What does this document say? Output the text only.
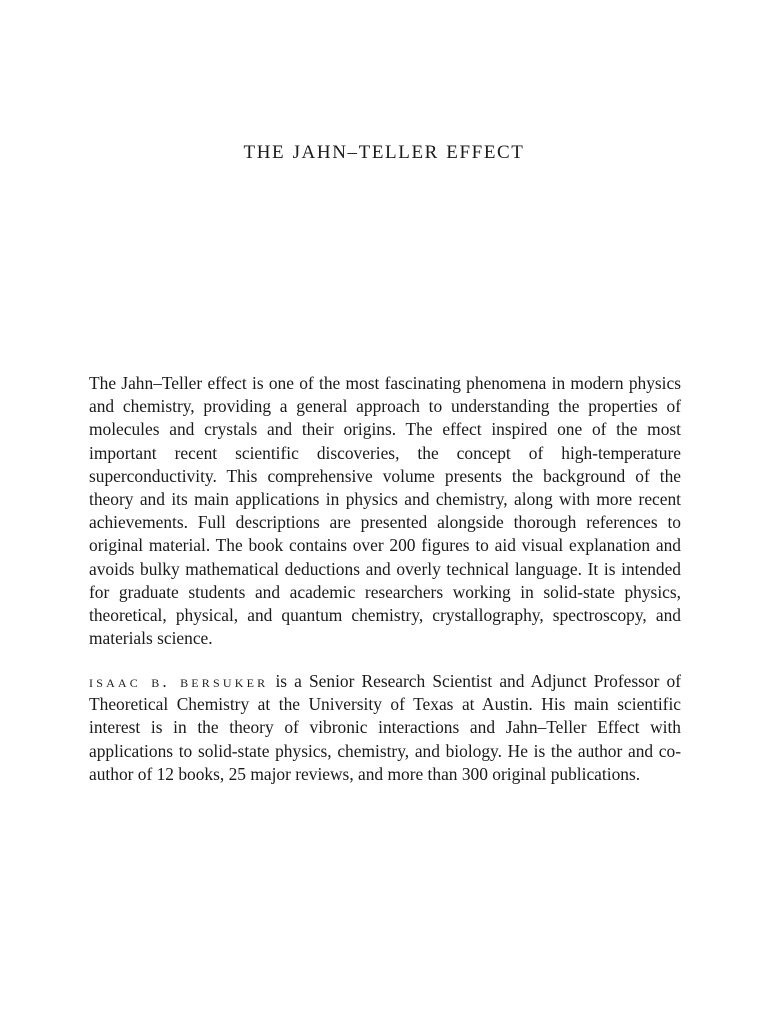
THE JAHN–TELLER EFFECT

The Jahn–Teller effect is one of the most fascinating phenomena in modern physics and chemistry, providing a general approach to understanding the properties of molecules and crystals and their origins. The effect inspired one of the most important recent scientific discoveries, the concept of high-temperature superconductivity. This comprehensive volume presents the background of the theory and its main applications in physics and chemistry, along with more recent achievements. Full descriptions are presented alongside thorough references to original material. The book contains over 200 figures to aid visual explanation and avoids bulky mathematical deductions and overly technical language. It is intended for graduate students and academic researchers working in solid-state physics, theoretical, physical, and quantum chemistry, crystallography, spectroscopy, and materials science.

isaac b. bersuker is a Senior Research Scientist and Adjunct Professor of Theoretical Chemistry at the University of Texas at Austin. His main scientific interest is in the theory of vibronic interactions and Jahn–Teller Effect with applications to solid-state physics, chemistry, and biology. He is the author and co-author of 12 books, 25 major reviews, and more than 300 original publications.
